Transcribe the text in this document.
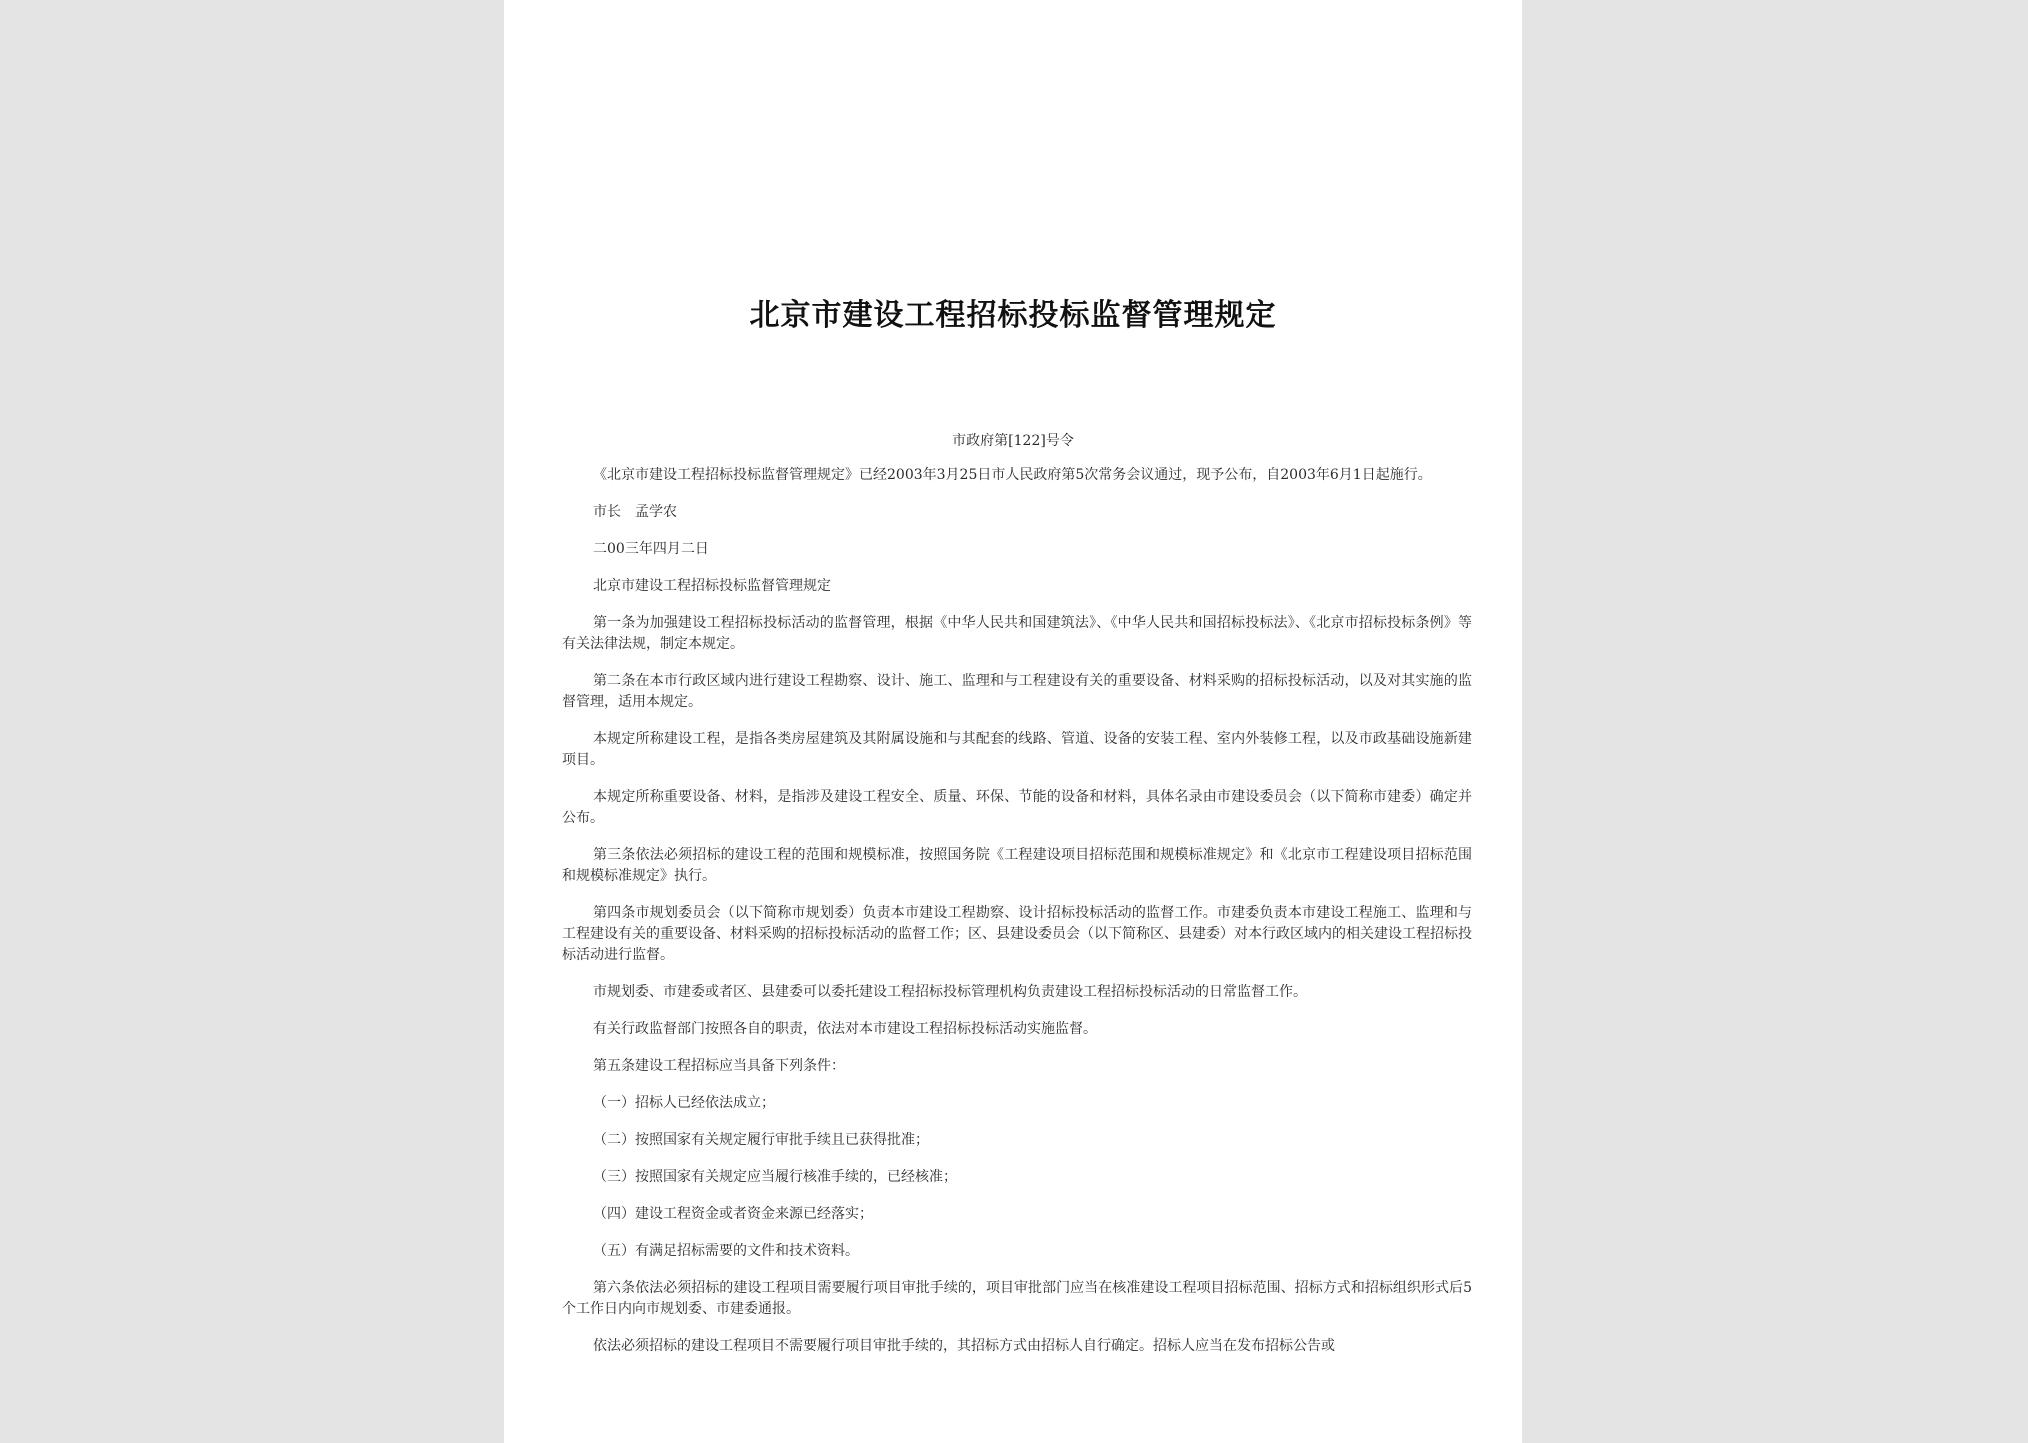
北京市建设工程招标投标监督管理规定

市政府第[122]号令

《北京市建设工程招标投标监督管理规定》已经2003年3月25日市人民政府第5次常务会议通过，现予公布，自2003年6月1日起施行。

市长　孟学农

二00三年四月二日

北京市建设工程招标投标监督管理规定

第一条为加强建设工程招标投标活动的监督管理，根据《中华人民共和国建筑法》、《中华人民共和国招标投标法》、《北京市招标投标条例》等有关法律法规，制定本规定。

第二条在本市行政区域内进行建设工程勘察、设计、施工、监理和与工程建设有关的重要设备、材料采购的招标投标活动，以及对其实施的监督管理，适用本规定。

本规定所称建设工程，是指各类房屋建筑及其附属设施和与其配套的线路、管道、设备的安装工程、室内外装修工程，以及市政基础设施新建项目。

本规定所称重要设备、材料，是指涉及建设工程安全、质量、环保、节能的设备和材料，具体名录由市建设委员会（以下简称市建委）确定并公布。

第三条依法必须招标的建设工程的范围和规模标准，按照国务院《工程建设项目招标范围和规模标准规定》和《北京市工程建设项目招标范围和规模标准规定》执行。

第四条市规划委员会（以下简称市规划委）负责本市建设工程勘察、设计招标投标活动的监督工作。市建委负责本市建设工程施工、监理和与工程建设有关的重要设备、材料采购的招标投标活动的监督工作；区、县建设委员会（以下简称区、县建委）对本行政区域内的相关建设工程招标投标活动进行监督。

市规划委、市建委或者区、县建委可以委托建设工程招标投标管理机构负责建设工程招标投标活动的日常监督工作。

有关行政监督部门按照各自的职责，依法对本市建设工程招标投标活动实施监督。

第五条建设工程招标应当具备下列条件：

（一）招标人已经依法成立；

（二）按照国家有关规定履行审批手续且已获得批准；

（三）按照国家有关规定应当履行核准手续的，已经核准；

（四）建设工程资金或者资金来源已经落实；

（五）有满足招标需要的文件和技术资料。

第六条依法必须招标的建设工程项目需要履行项目审批手续的，项目审批部门应当在核准建设工程项目招标范围、招标方式和招标组织形式后5个工作日内向市规划委、市建委通报。

依法必须招标的建设工程项目不需要履行项目审批手续的，其招标方式由招标人自行确定。招标人应当在发布招标公告或
